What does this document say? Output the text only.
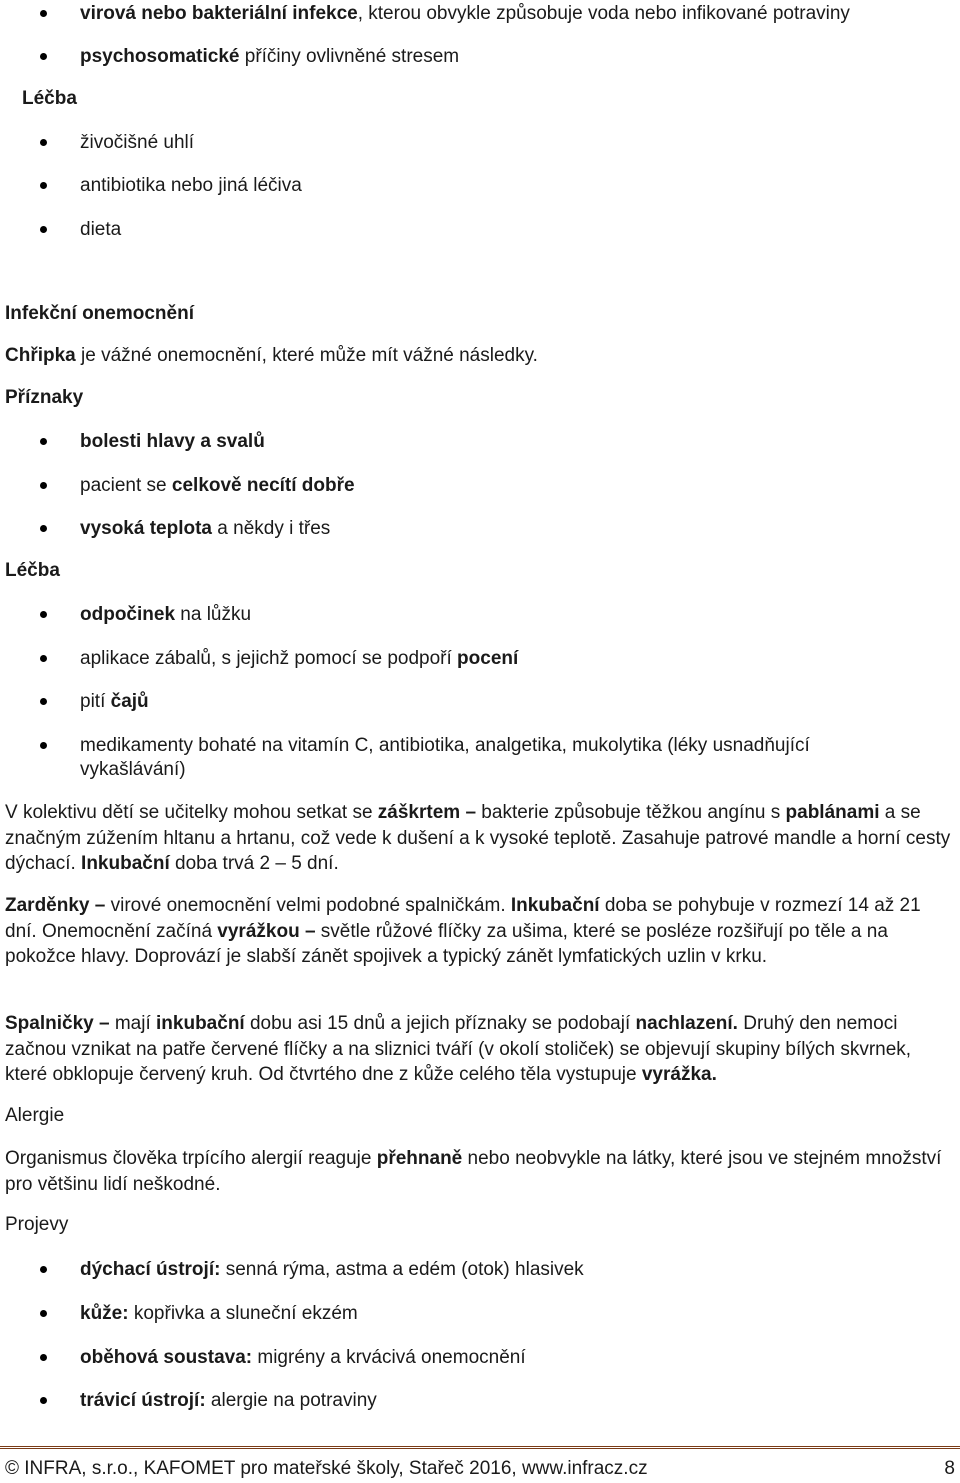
virová nebo bakteriální infekce, kterou obvykle způsobuje voda nebo infikované potraviny
psychosomatické příčiny ovlivněné stresem
Léčba
živočišné uhlí
antibiotika nebo jiná léčiva
dieta
Infekční onemocnění
Chřipka je vážné onemocnění, které může mít vážné následky.
Příznaky
bolesti hlavy a svalů
pacient se celkově necítí dobře
vysoká teplota a někdy i třes
Léčba
odpočinek na lůžku
aplikace zábalů, s jejichž pomocí se podpoří pocení
pití čajů
medikamenty bohaté na vitamín C, antibiotika, analgetika, mukolytika (léky usnadňující
vykašlávání)
V kolektivu dětí se učitelky mohou setkat se záškrtem – bakterie způsobuje těžkou angínu s pablánami a se značným zúžením hltanu a hrtanu, což vede k dušení a k vysoké teplotě. Zasahuje patrové mandle a horní cesty dýchací. Inkubační doba trvá 2 – 5 dní.
Zarděnky – virové onemocnění velmi podobné spalničkám. Inkubační doba se pohybuje v rozmezí 14 až 21 dní. Onemocnění začíná vyrážkou – světle růžové flíčky za ušima, které se posléze rozšiřují po těle a na pokožce hlavy. Doprovází je slabší zánět spojivek a typický zánět lymfatických uzlin v krku.
Spalničky – mají inkubační dobu asi 15 dnů a jejich příznaky se podobají nachlazení. Druhý den nemoci začnou vznikat na patře červené flíčky a na sliznici tváří (v okolí stoliček) se objevují skupiny bílých skvrnek, které obklopuje červený kruh. Od čtvrtého dne z kůže celého těla vystupuje vyrážka.
Alergie
Organismus člověka trpícího alergií reaguje přehnaně nebo neobvykle na látky, které jsou ve stejném množství pro většinu lidí neškodné.
Projevy
dýchací ústrojí: senná rýma, astma a edém (otok) hlasivek
kůže: kopřivka a sluneční ekzém
oběhová soustava: migrény a krvácivá onemocnění
trávicí ústrojí: alergie na potraviny
© INFRA, s.r.o., KAFOMET pro mateřské školy, Stařeč 2016, www.infracz.cz	8
